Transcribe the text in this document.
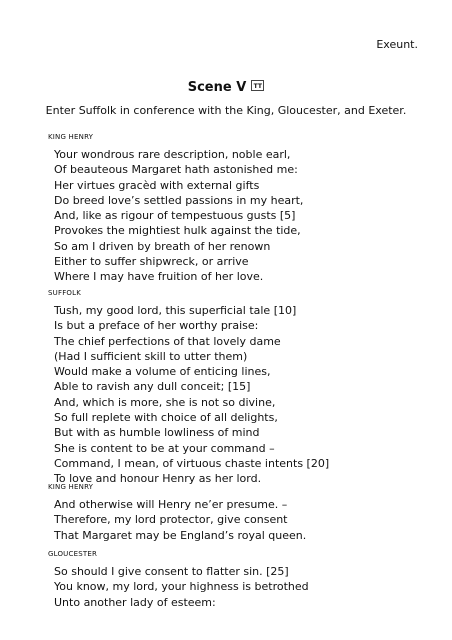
Exeunt.
Scene V TT
Enter Suffolk in conference with the King, Gloucester, and Exeter.
KING HENRY
Your wondrous rare description, noble earl,
Of beauteous Margaret hath astonished me:
Her virtues gracèd with external gifts
Do breed love’s settled passions in my heart,
And, like as rigour of tempestuous gusts [5]
Provokes the mightiest hulk against the tide,
So am I driven by breath of her renown
Either to suffer shipwreck, or arrive
Where I may have fruition of her love.
SUFFOLK
Tush, my good lord, this superficial tale [10]
Is but a preface of her worthy praise:
The chief perfections of that lovely dame
(Had I sufficient skill to utter them)
Would make a volume of enticing lines,
Able to ravish any dull conceit; [15]
And, which is more, she is not so divine,
So full replete with choice of all delights,
But with as humble lowliness of mind
She is content to be at your command –
Command, I mean, of virtuous chaste intents [20]
To love and honour Henry as her lord.
KING HENRY
And otherwise will Henry ne’er presume. –
Therefore, my lord protector, give consent
That Margaret may be England’s royal queen.
GLOUCESTER
So should I give consent to flatter sin. [25]
You know, my lord, your highness is betrothed
Unto another lady of esteem:
